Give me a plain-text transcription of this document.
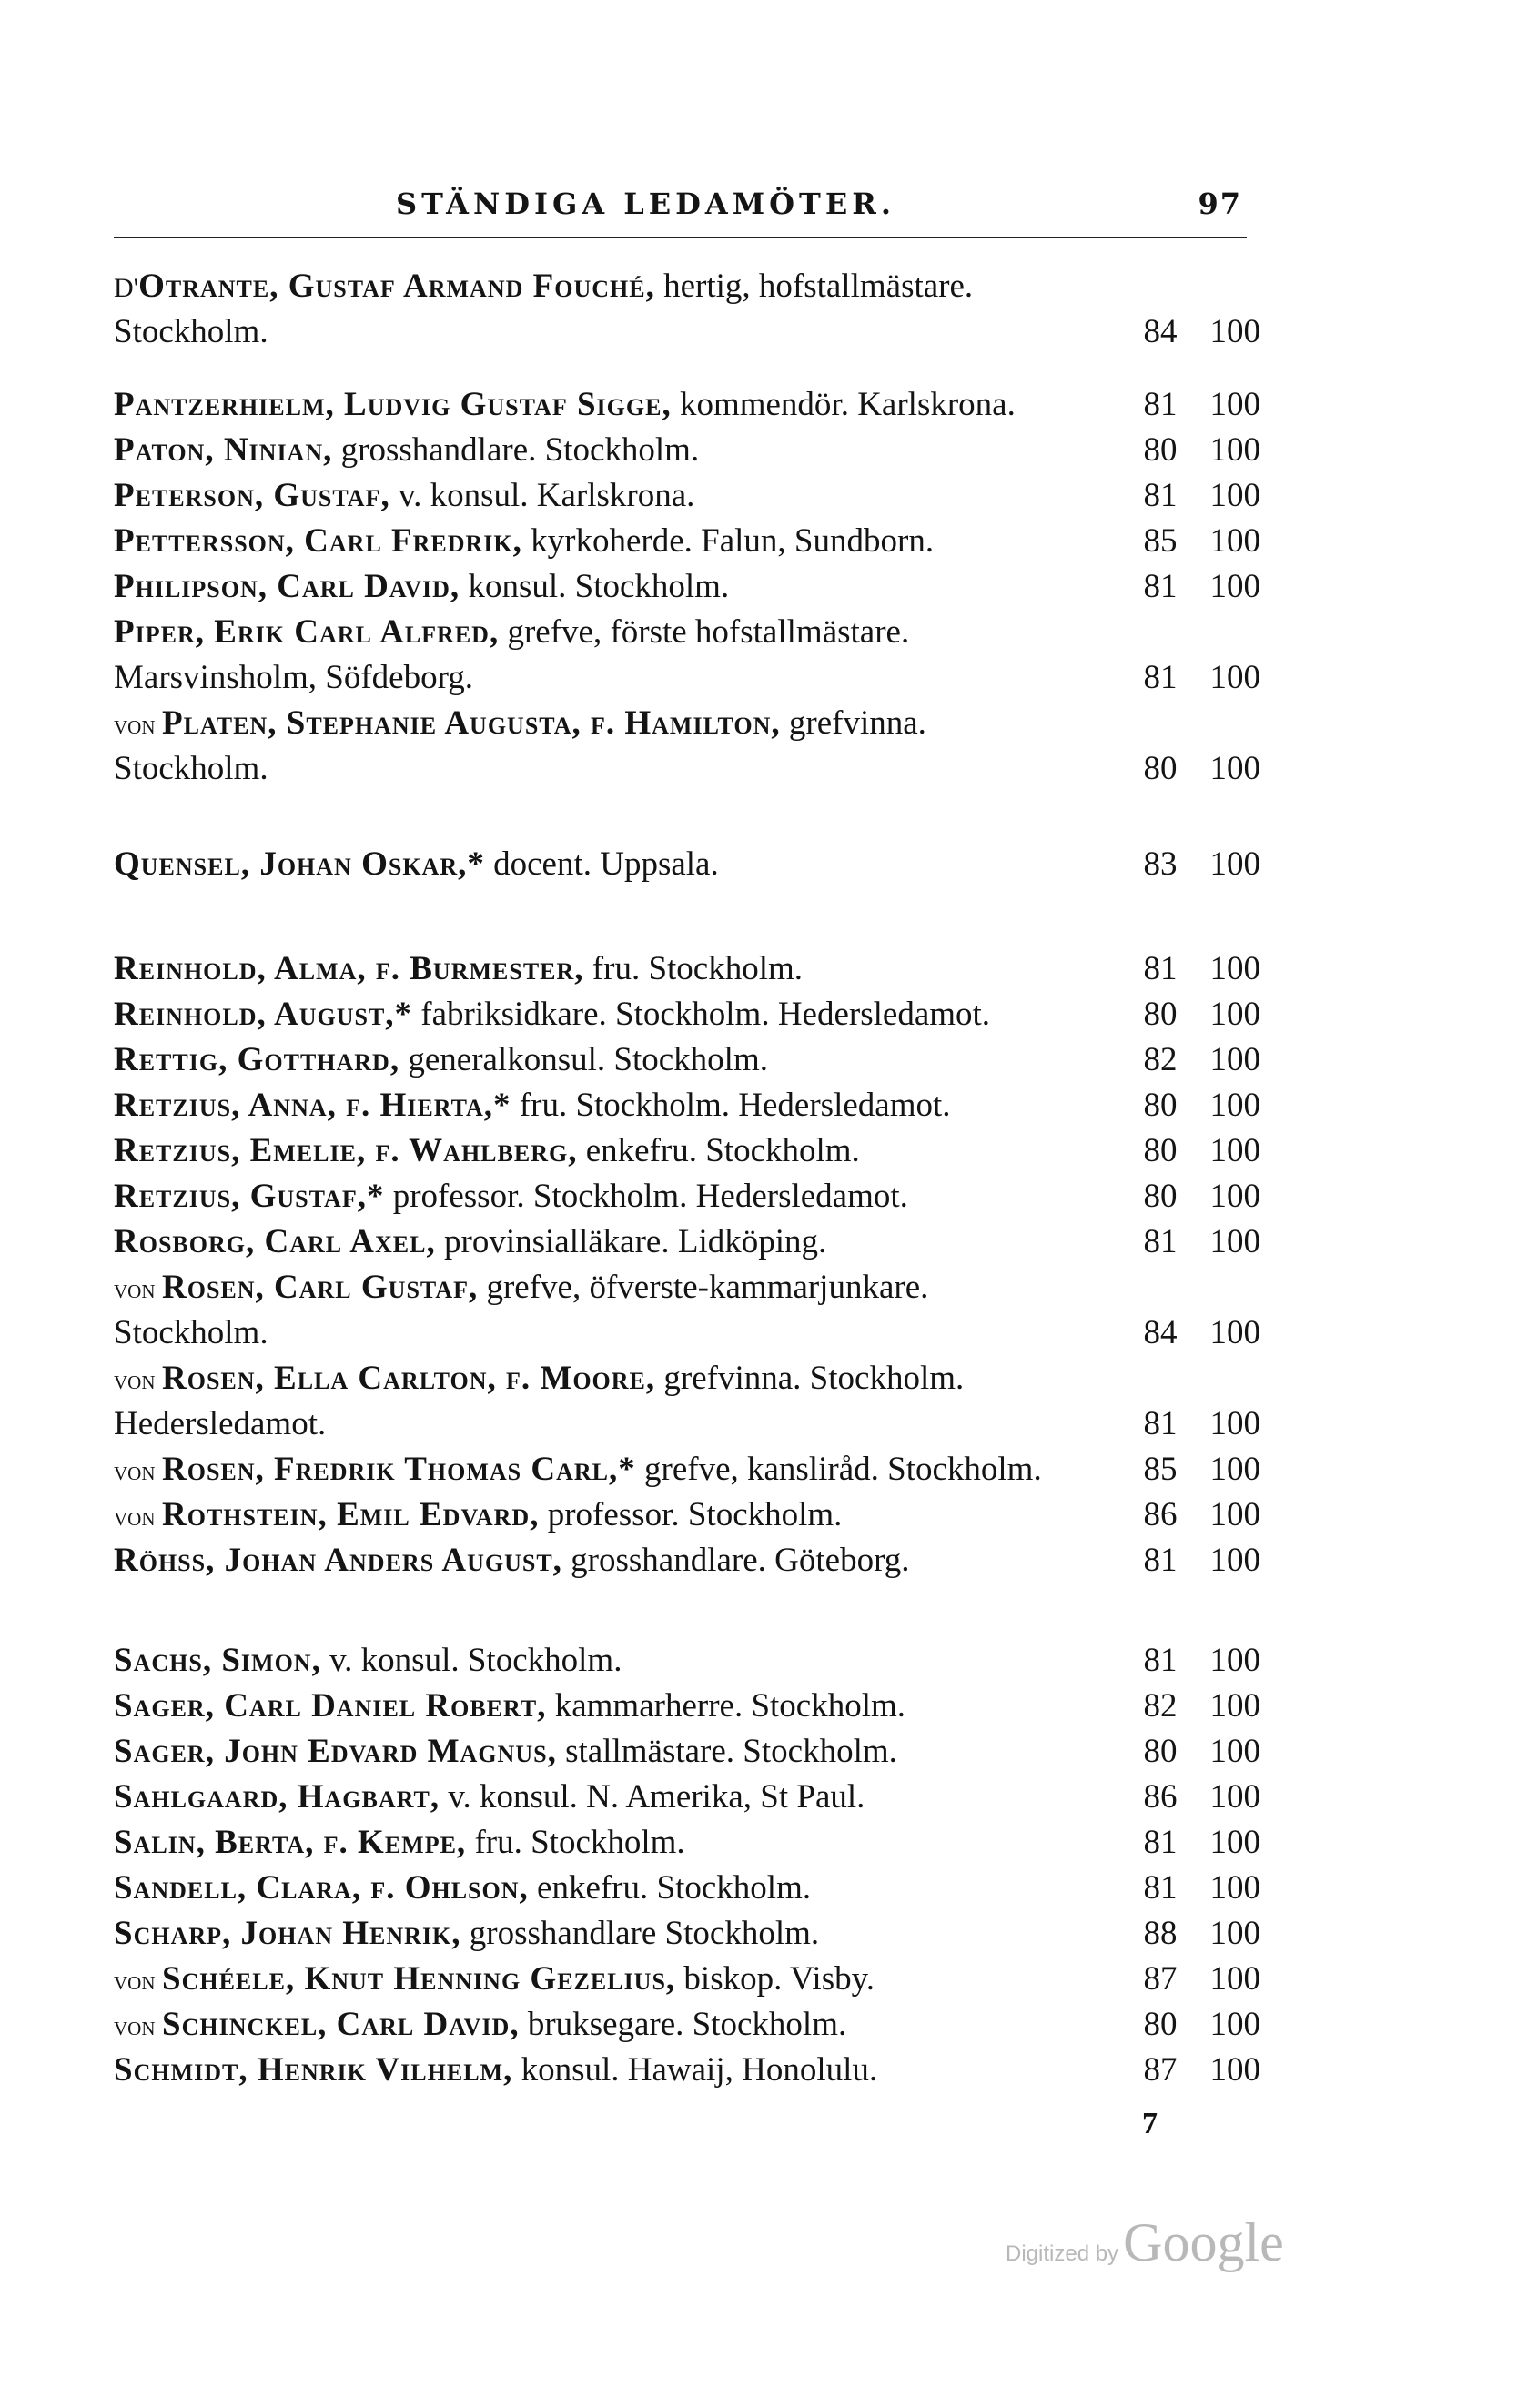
STÄNDIGA LEDAMÖTER.	97
D'Otrante, Gustaf Armand Fouché, hertig, hofstallmästare.
Stockholm.	84 100
Pantzerhielm, Ludvig Gustaf Sigge, kommendör. Karlskrona.	81 100
Paton, Ninian, grosshandlare. Stockholm.	80 100
Peterson, Gustaf, v. konsul. Karlskrona.	81 100
Pettersson, Carl Fredrik, kyrkoherde. Falun, Sundborn.	85 100
Philipson, Carl David, konsul. Stockholm.	81 100
Piper, Erik Carl Alfred, grefve, förste hofstallmästare.
Marsvinsholm, Söfdeborg.	81 100
von Platen, Stephanie Augusta, f. Hamilton, grefvinna.
Stockholm.	80 100
Quensel, Johan Oskar,* docent. Uppsala.	83 100
Reinhold, Alma, f. Burmester, fru. Stockholm.	81 100
Reinhold, August,* fabriksidkare. Stockholm. Hedersledamot.	80 100
Rettig, Gotthard, generalkonsul. Stockholm.	82 100
Retzius, Anna, f. Hierta,* fru. Stockholm. Hedersledamot.	80 100
Retzius, Emelie, f. Wahlberg, enkefru. Stockholm.	80 100
Retzius, Gustaf,* professor. Stockholm. Hedersledamot.	80 100
Rosborg, Carl Axel, provinsialläkare. Lidköping.	81 100
von Rosen, Carl Gustaf, grefve, öfverste-kammarjunkare.
Stockholm.	84 100
von Rosen, Ella Carlton, f. Moore, grefvinna. Stockholm.
Hedersledamot.	81 100
von Rosen, Fredrik Thomas Carl,* grefve, kansliråd. Stockholm.	85 100
von Rothstein, Emil Edvard, professor. Stockholm.	86 100
Röhss, Johan Anders August, grosshandlare. Göteborg.	81 100
Sachs, Simon, v. konsul. Stockholm.	81 100
Sager, Carl Daniel Robert, kammarherre. Stockholm.	82 100
Sager, John Edvard Magnus, stallmästare. Stockholm.	80 100
Sahlgaard, Hagbart, v. konsul. N. Amerika, St Paul.	86 100
Salin, Berta, f. Kempe, fru. Stockholm.	81 100
Sandell, Clara, f. Ohlson, enkefru. Stockholm.	81 100
Scharp, Johan Henrik, grosshandlare Stockholm.	88 100
von Schéele, Knut Henning Gezelius, biskop. Visby.	87 100
von Schinckel, Carl David, bruksegare. Stockholm.	80 100
Schmidt, Henrik Vilhelm, konsul. Hawaij, Honolulu.	87 100
7
Digitized by Google
